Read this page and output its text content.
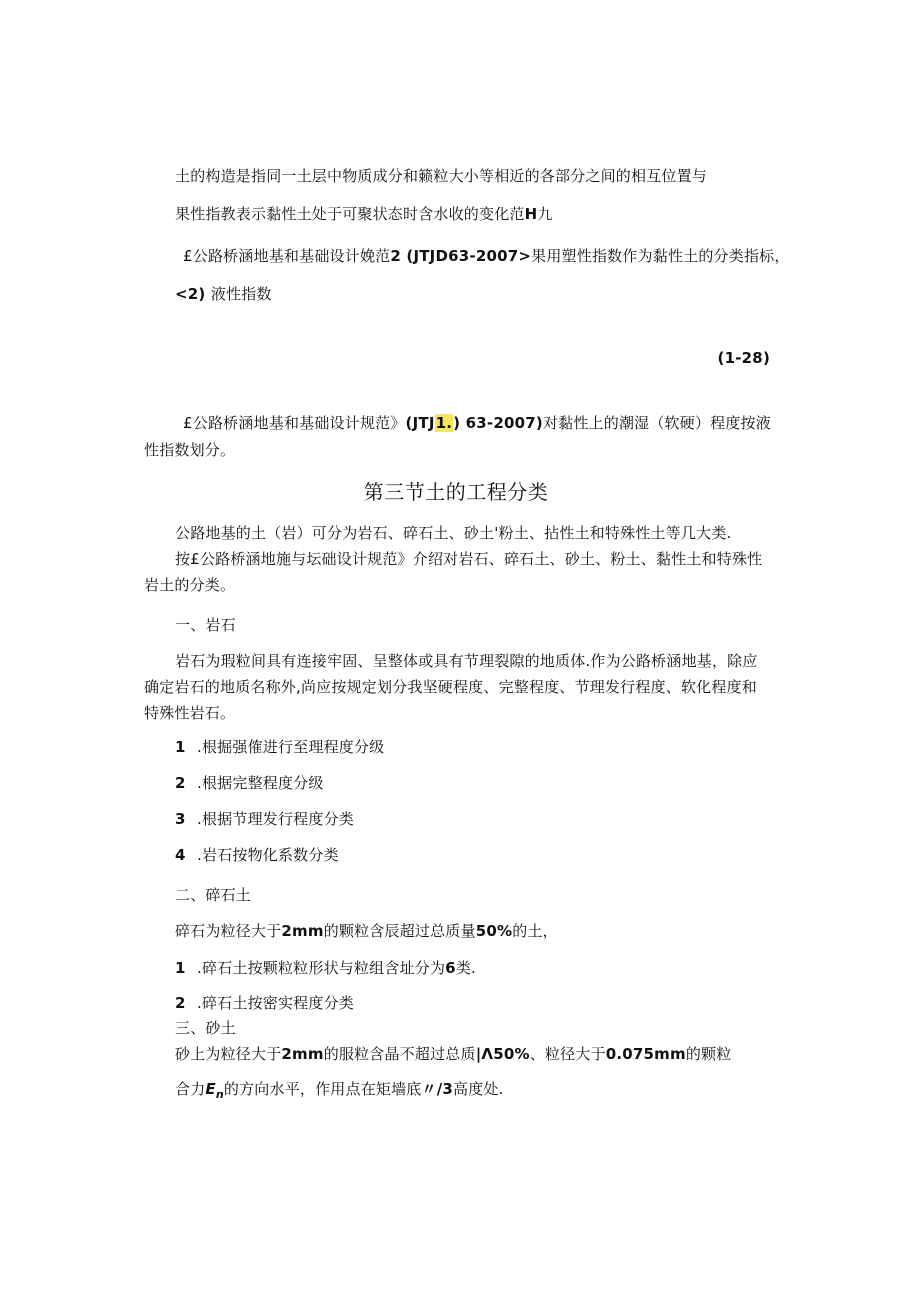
土的构造是指同一土层中物质成分和籁粒大小等相近的各部分之间的相互位置与
果性指教表示黏性土处于可聚状态时含水收的变化范H九
£公路桥涵地基和基础设计娩范2 (JTJD63-2007>果用塑性指数作为黏性土的分类指标，
<2) 液性指数
(1-28)
£公路桥涵地基和基础设计规范》(JTJ1.) 63-2007)对黏性上的潮湿（软硬）程度按液
性指数划分。
第三节土的工程分类
公路地基的土（岩）可分为岩石、碎石土、砂土'粉土、拈性土和特殊性土等几大类.
按£公路桥涵地施与坛础设计规范》介绍对岩石、碎石土、砂土、粉土、黏性土和特殊性
岩土的分类。
一、岩石
岩石为瑕粒间具有连接牢固、呈整体或具有节理裂隙的地质体.作为公路桥涵地基，除应
确定岩石的地质名称外,尚应按规定划分我坚硬程度、完整程度、节理发行程度、软化程度和
特殊性岩石。
1 .根掘强傕进行至理程度分级
2 .根据完整程度分级
3 .根据节理发行程度分类
4 .岩石按物化系数分类
二、碎石土
碎石为粒径大于2mm的颗粒含辰超过总质量50%的土，
1 .碎石土按颗粒粒形状与粒组含址分为6类.
2 .碎石土按密实程度分类
三、砂土
砂上为粒径大于2mm的服粒含晶不超过总质|Λ50%、粒径大于0.075mm的颗粒
合力$E_n$的方向水平，作用点在矩墙底〃/3高度处.
